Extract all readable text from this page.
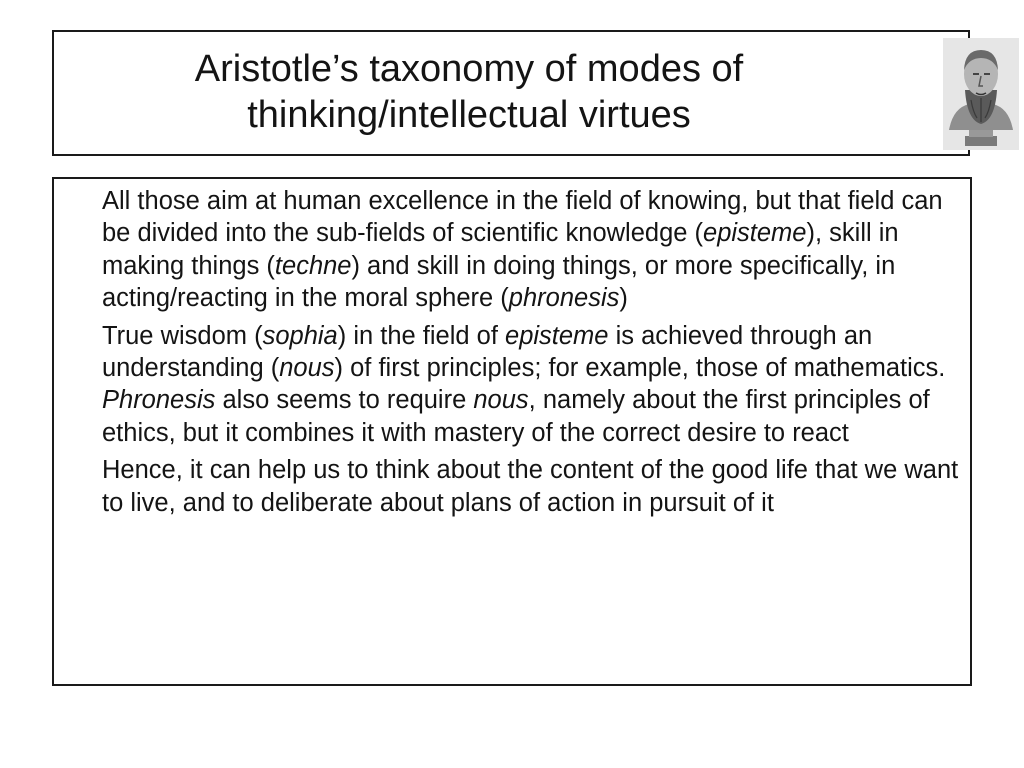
Aristotle’s taxonomy of modes of
thinking/intellectual virtues

All those aim at human excellence in the field of knowing, but that field can be divided into the sub-fields of scientific knowledge (episteme), skill in making things (techne) and skill in doing things, or more specifically, in acting/reacting in the moral sphere (phronesis)

True wisdom (sophia) in the field of episteme is achieved through an understanding (nous) of first principles; for example, those of mathematics. Phronesis also seems to require nous, namely about the first principles of ethics, but it combines it with mastery of the correct desire to react

Hence, it can help us to think about the content of the good life that we want to live, and to deliberate about plans of action in pursuit of it
